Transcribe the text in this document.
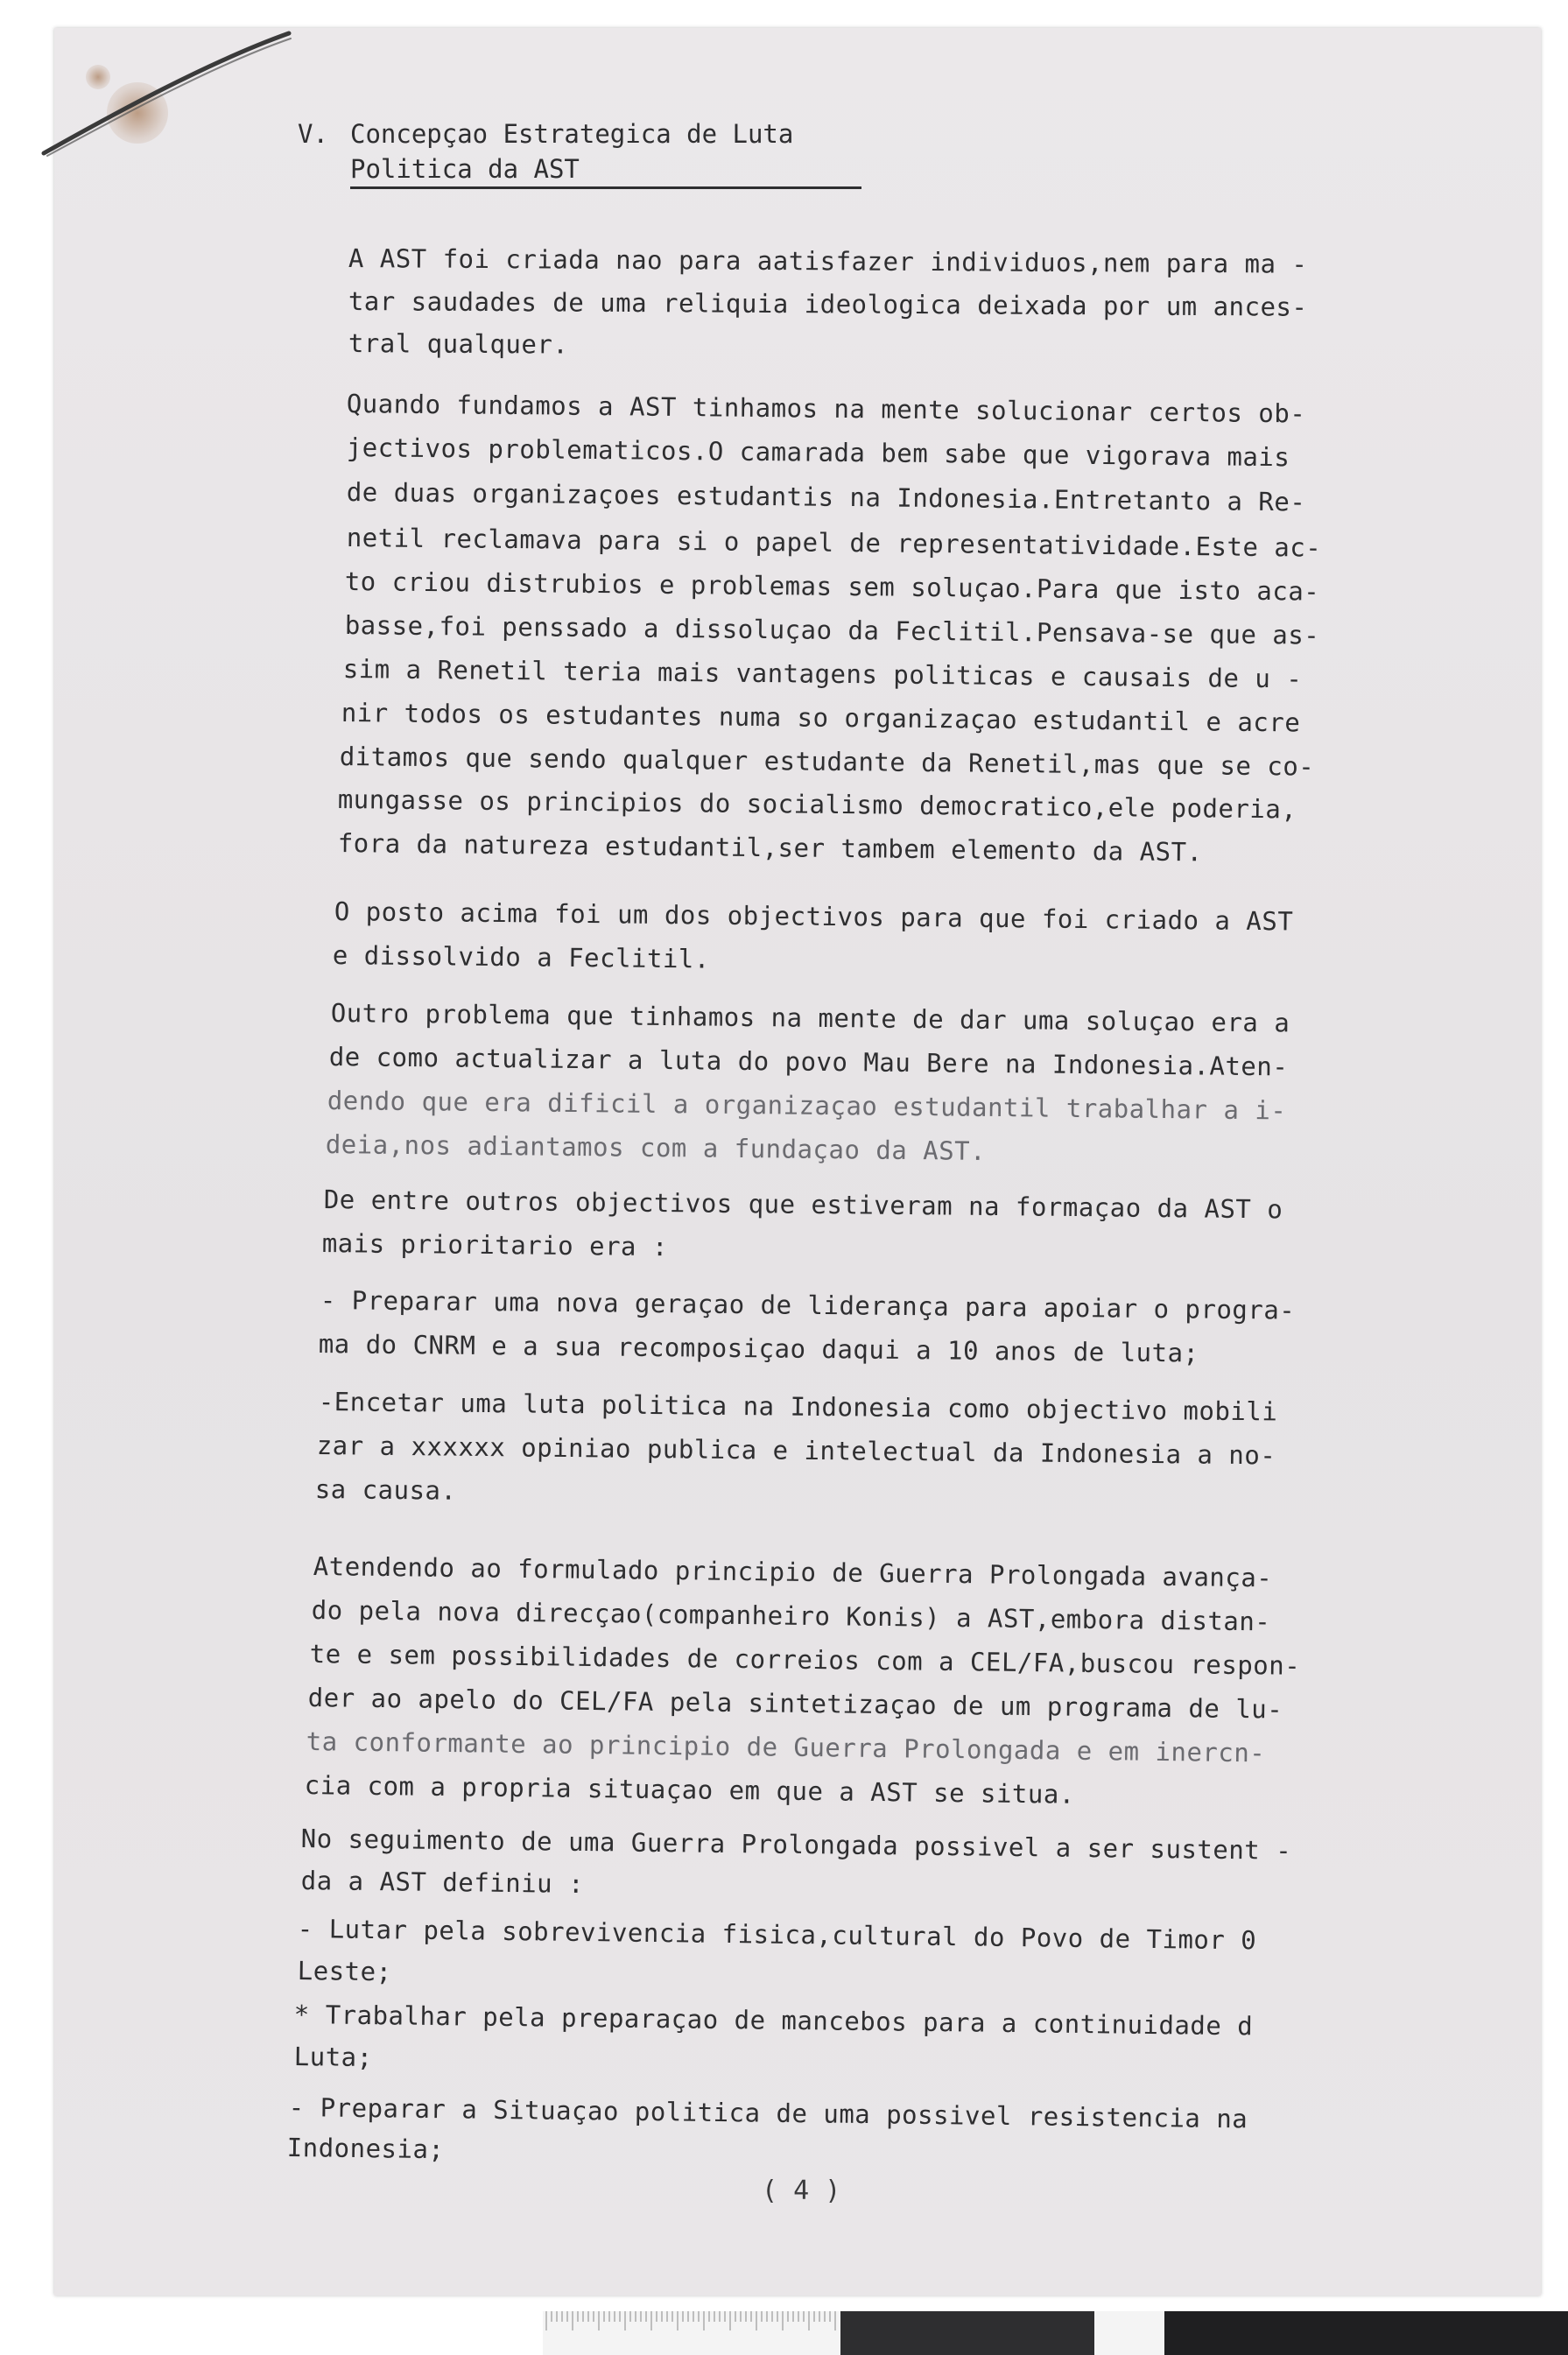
V. Concepçao Estrategica de Luta
Politica da AST
A AST foi criada nao para aatisfazer individuos,nem para ma -
tar saudades de uma reliquia ideologica deixada por um ances-
tral qualquer.
Quando fundamos a AST tinhamos na mente solucionar certos ob-
jectivos problematicos.O camarada bem sabe que vigorava mais
de duas organizaçoes estudantis na Indonesia.Entretanto a Re-
netil reclamava para si o papel de representatividade.Este ac-
to criou distrubios e problemas sem soluçao.Para que isto aca-
basse,foi penssado a dissoluçao da Feclitil.Pensava-se que as-
sim a Renetil teria mais vantagens politicas e causais de u -
nir todos os estudantes numa so organizaçao estudantil e acre
ditamos que sendo qualquer estudante da Renetil,mas que se co-
mungasse os principios do socialismo democratico,ele poderia,
fora da natureza estudantil,ser tambem elemento da AST.
O posto acima foi um dos objectivos para que foi criado a AST
e dissolvido a Feclitil.
Outro problema que tinhamos na mente de dar uma soluçao era a
de como actualizar a luta do povo Mau Bere na Indonesia.Aten-
dendo que era dificil a organizaçao estudantil trabalhar a i-
deia,nos adiantamos com a fundaçao da AST.
De entre outros objectivos que estiveram na formaçao da AST o
mais prioritario era :
- Preparar uma nova geraçao de liderança para apoiar o progra-
ma do CNRM e a sua recomposiçao daqui a 10 anos de luta;
-Encetar uma luta politica na Indonesia como objectivo mobili
zar a xxxxxx opiniao publica e intelectual da Indonesia a no-
sa causa.
Atendendo ao formulado principio de Guerra Prolongada avança-
do pela nova direcçao(companheiro Konis) a AST,embora distan-
te e sem possibilidades de correios com a CEL/FA,buscou respon-
der ao apelo do CEL/FA pela sintetizaçao de um programa de lu-
ta conformante ao principio de Guerra Prolongada e em inercn-
cia com a propria situaçao em que a AST se situa.
No seguimento de uma Guerra Prolongada possivel a ser sustent -
da a AST definiu :
- Lutar pela sobrevivencia fisica,cultural do Povo de Timor 0
Leste;
* Trabalhar pela preparaçao de mancebos para a continuidade d
Luta;
- Preparar a Situaçao politica de uma possivel resistencia na
Indonesia;
( 4 )
